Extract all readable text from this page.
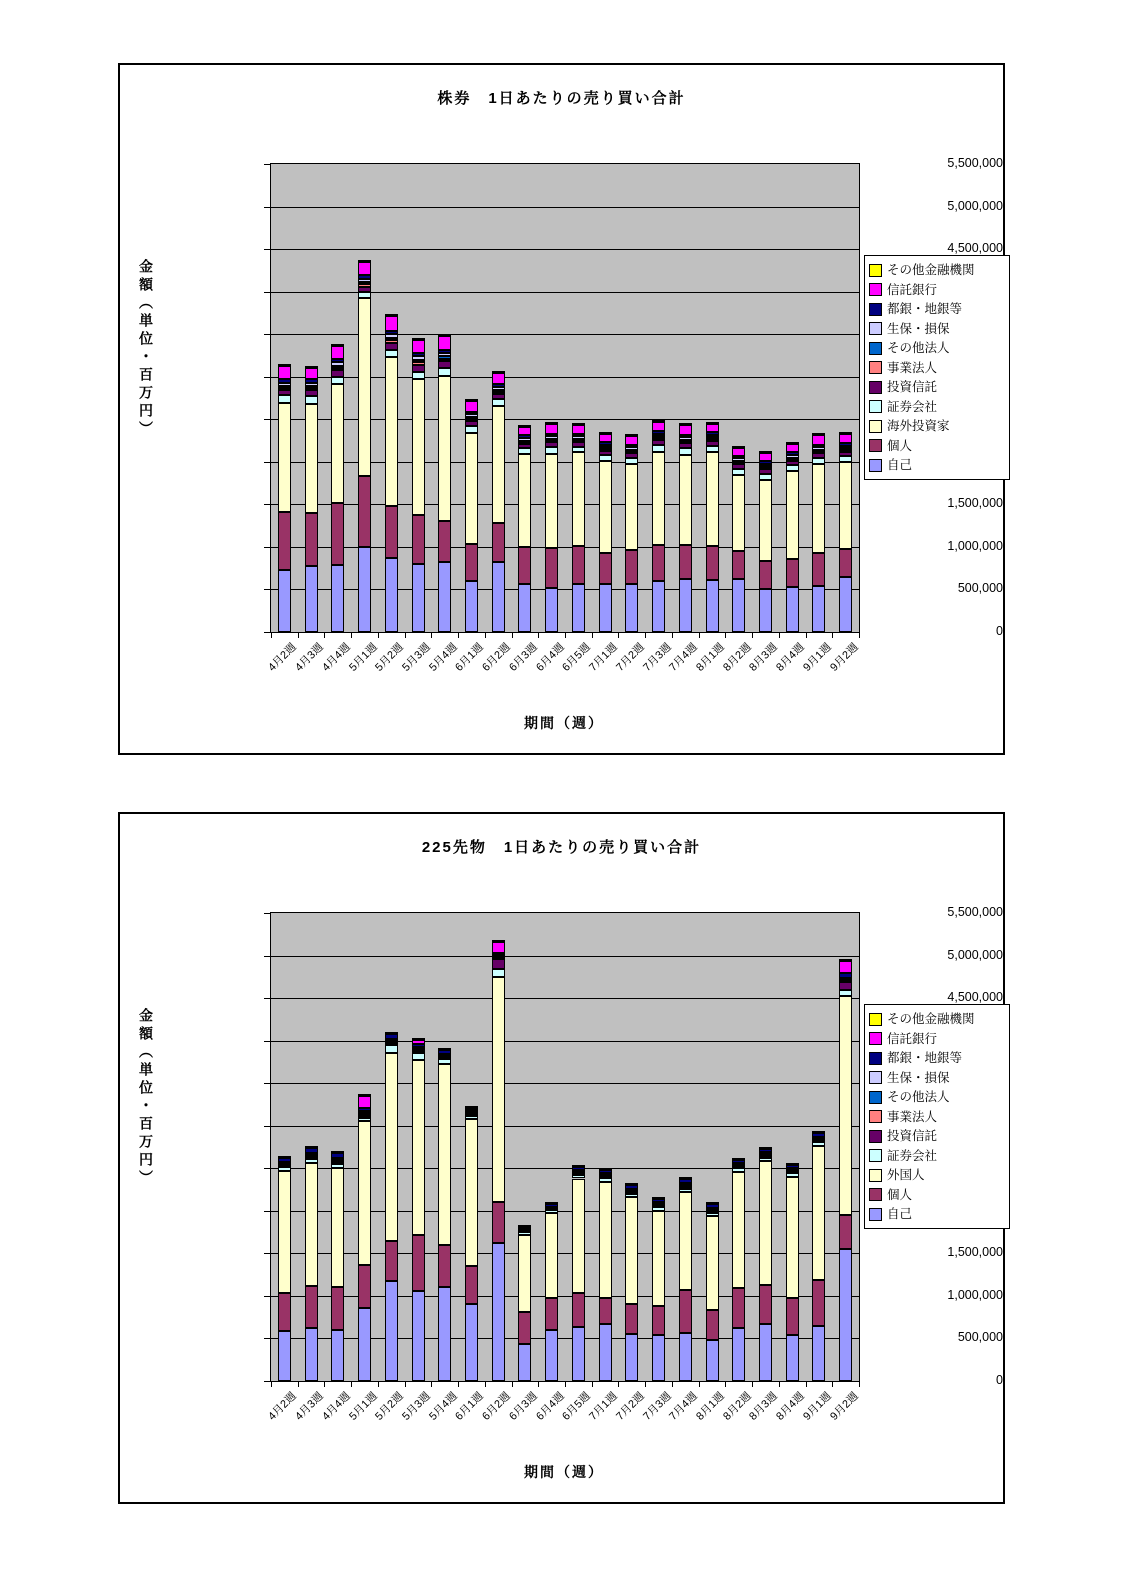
株券　1日あたりの売り買い合計
金額（単位・百万円）
0
500,000
1,000,000
1,500,000
4,500,000
5,000,000
5,500,000
4月2週
4月3週
4月4週
5月1週
5月2週
5月3週
5月4週
6月1週
6月2週
6月3週
6月4週
6月5週
7月1週
7月2週
7月3週
7月4週
8月1週
8月2週
8月3週
8月4週
9月1週
9月2週
期間（週）
その他金融機関
信託銀行
都銀・地銀等
生保・損保
その他法人
事業法人
投資信託
証券会社
海外投資家
個人
自己
225先物　1日あたりの売り買い合計
金額（単位・百万円）
0
500,000
1,000,000
1,500,000
4,500,000
5,000,000
5,500,000
4月2週
4月3週
4月4週
5月1週
5月2週
5月3週
5月4週
6月1週
6月2週
6月3週
6月4週
6月5週
7月1週
7月2週
7月3週
7月4週
8月1週
8月2週
8月3週
8月4週
9月1週
9月2週
期間（週）
その他金融機関
信託銀行
都銀・地銀等
生保・損保
その他法人
事業法人
投資信託
証券会社
外国人
個人
自己
